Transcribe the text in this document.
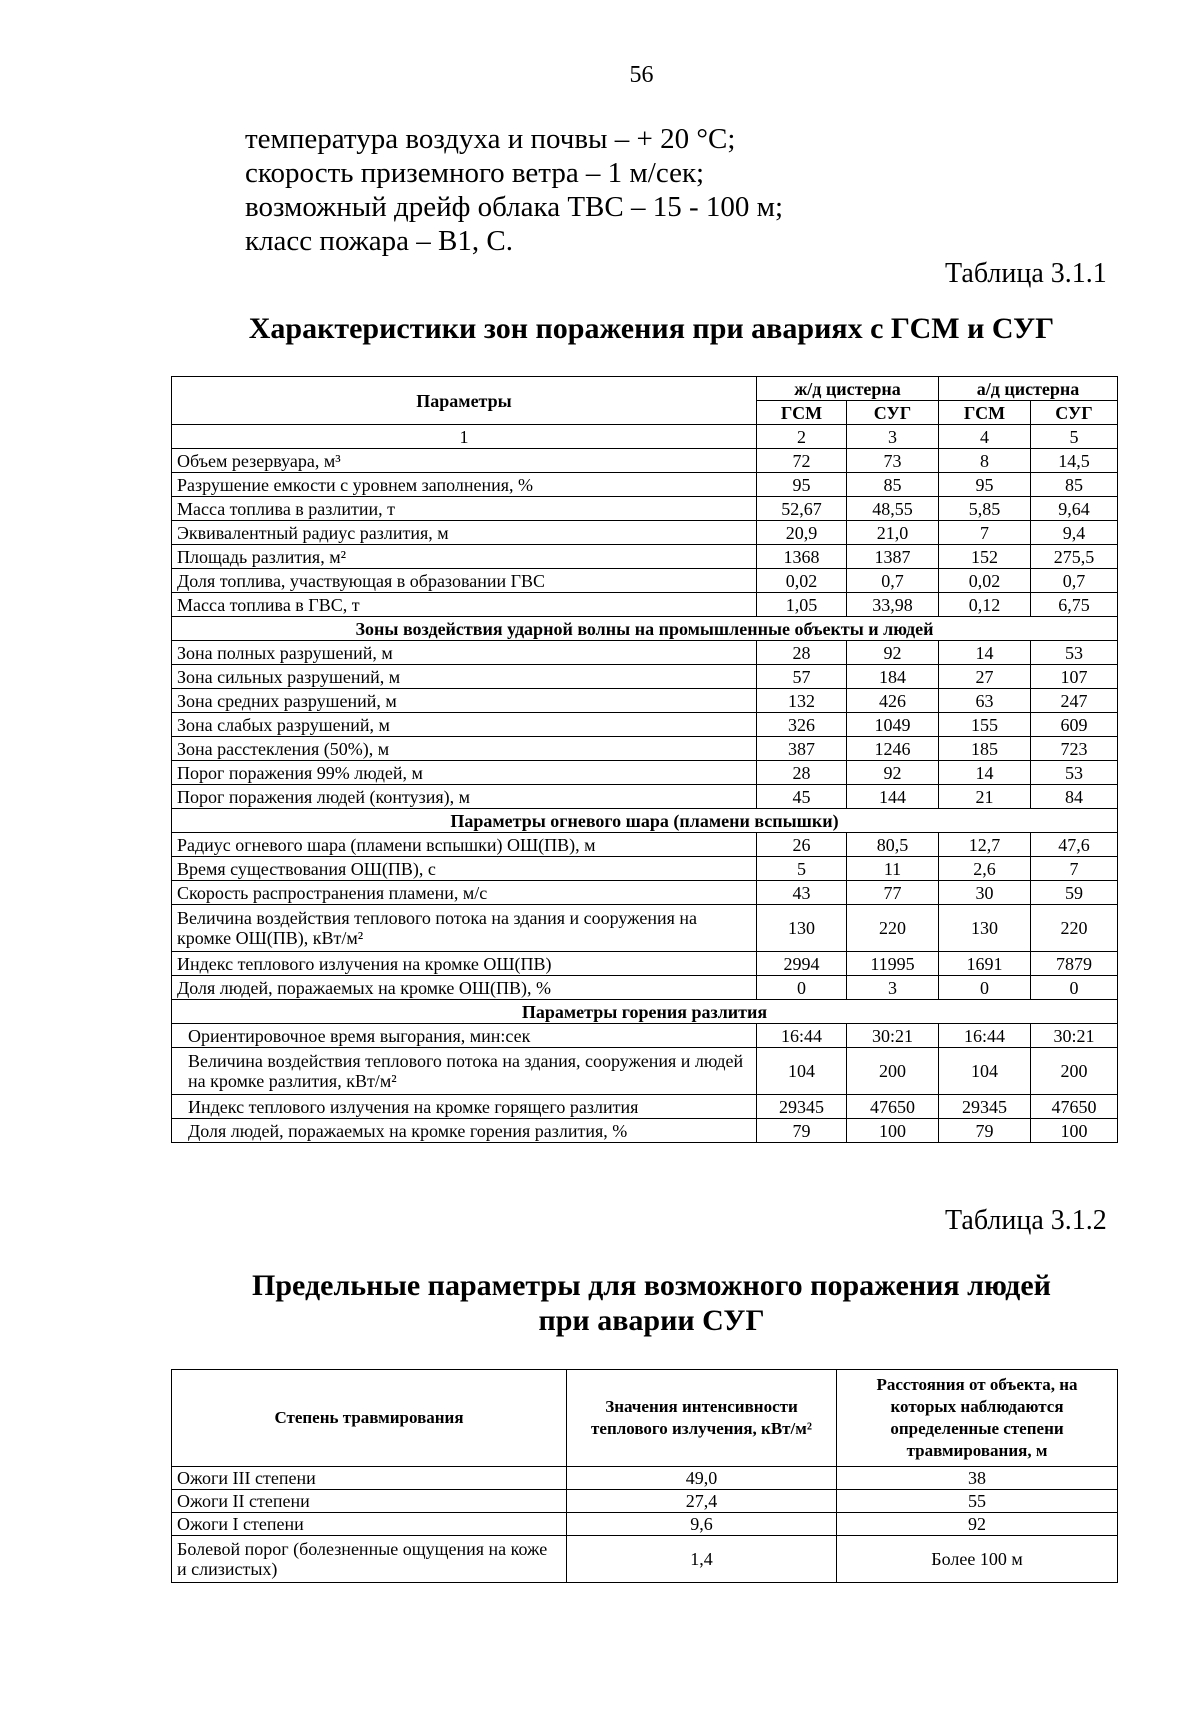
56
температура воздуха и почвы – + 20 °С;
скорость приземного ветра – 1 м/сек;
возможный дрейф облака ТВС – 15 - 100 м;
класс пожара – В1, С.
Таблица 3.1.1
Характеристики зон поражения при авариях с ГСМ и СУГ
Параметры	ж/д цистерна		а/д цистерна	
	ГСМ	СУГ	ГСМ	СУГ
1	2	3	4	5
Объем резервуара, м³	72	73	8	14,5
Разрушение емкости с уровнем заполнения, %	95	85	95	85
Масса топлива в разлитии, т	52,67	48,55	5,85	9,64
Эквивалентный радиус разлития, м	20,9	21,0	7	9,4
Площадь разлития, м²	1368	1387	152	275,5
Доля топлива, участвующая в образовании ГВС	0,02	0,7	0,02	0,7
Масса топлива в ГВС, т	1,05	33,98	0,12	6,75
Зоны воздействия ударной волны на промышленные объекты и людей				
Зона полных разрушений, м	28	92	14	53
Зона сильных разрушений, м	57	184	27	107
Зона средних разрушений, м	132	426	63	247
Зона слабых разрушений, м	326	1049	155	609
Зона расстекления (50%), м	387	1246	185	723
Порог поражения 99% людей, м	28	92	14	53
Порог поражения людей (контузия), м	45	144	21	84
Параметры огневого шара (пламени вспышки)				
Радиус огневого шара (пламени вспышки) ОШ(ПВ), м	26	80,5	12,7	47,6
Время существования ОШ(ПВ), с	5	11	2,6	7
Скорость распространения пламени, м/с	43	77	30	59
Величина воздействия теплового потока на здания и сооружения на кромке ОШ(ПВ), кВт/м²	130	220	130	220
Индекс теплового излучения на кромке ОШ(ПВ)	2994	11995	1691	7879
Доля людей, поражаемых на кромке ОШ(ПВ), %	0	3	0	0
Параметры горения разлития				
Ориентировочное время выгорания, мин:сек	16:44	30:21	16:44	30:21
Величина воздействия теплового потока на здания, сооружения и людей на кромке разлития, кВт/м²	104	200	104	200
Индекс теплового излучения на кромке горящего разлития	29345	47650	29345	47650
Доля людей, поражаемых на кромке горения разлития, %	79	100	79	100
Таблица 3.1.2
Предельные параметры для возможного поражения людей
при аварии СУГ
Степень травмирования	Значения интенсивности теплового излучения, кВт/м²	Расстояния от объекта, на которых наблюдаются определенные степени травмирования, м
Ожоги III степени	49,0	38
Ожоги II степени	27,4	55
Ожоги I степени	9,6	92
Болевой порог (болезненные ощущения на коже и слизистых)	1,4	Более 100 м
